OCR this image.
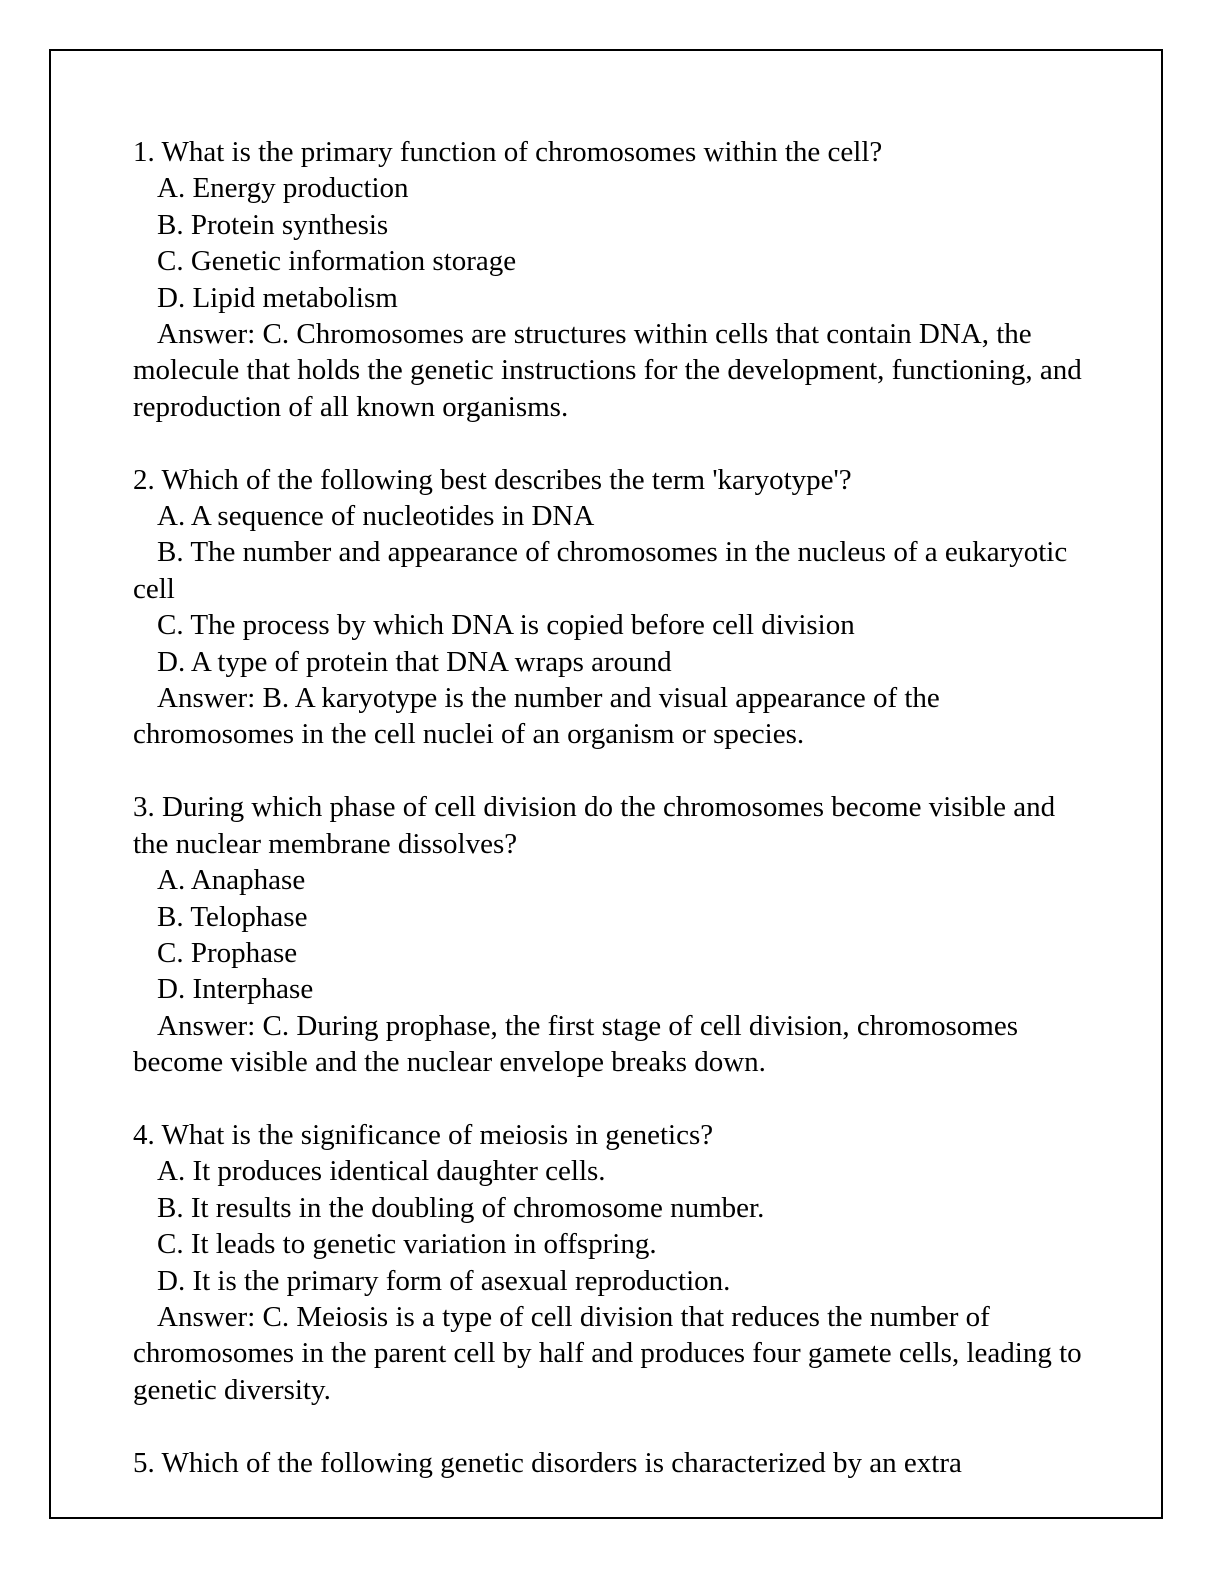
1. What is the primary function of chromosomes within the cell?
A. Energy production
B. Protein synthesis
C. Genetic information storage
D. Lipid metabolism
Answer: C. Chromosomes are structures within cells that contain DNA, the molecule that holds the genetic instructions for the development, functioning, and reproduction of all known organisms.
2. Which of the following best describes the term 'karyotype'?
A. A sequence of nucleotides in DNA
B. The number and appearance of chromosomes in the nucleus of a eukaryotic cell
C. The process by which DNA is copied before cell division
D. A type of protein that DNA wraps around
Answer: B. A karyotype is the number and visual appearance of the chromosomes in the cell nuclei of an organism or species.
3. During which phase of cell division do the chromosomes become visible and the nuclear membrane dissolves?
A. Anaphase
B. Telophase
C. Prophase
D. Interphase
Answer: C. During prophase, the first stage of cell division, chromosomes become visible and the nuclear envelope breaks down.
4. What is the significance of meiosis in genetics?
A. It produces identical daughter cells.
B. It results in the doubling of chromosome number.
C. It leads to genetic variation in offspring.
D. It is the primary form of asexual reproduction.
Answer: C. Meiosis is a type of cell division that reduces the number of chromosomes in the parent cell by half and produces four gamete cells, leading to genetic diversity.
5. Which of the following genetic disorders is characterized by an extra
